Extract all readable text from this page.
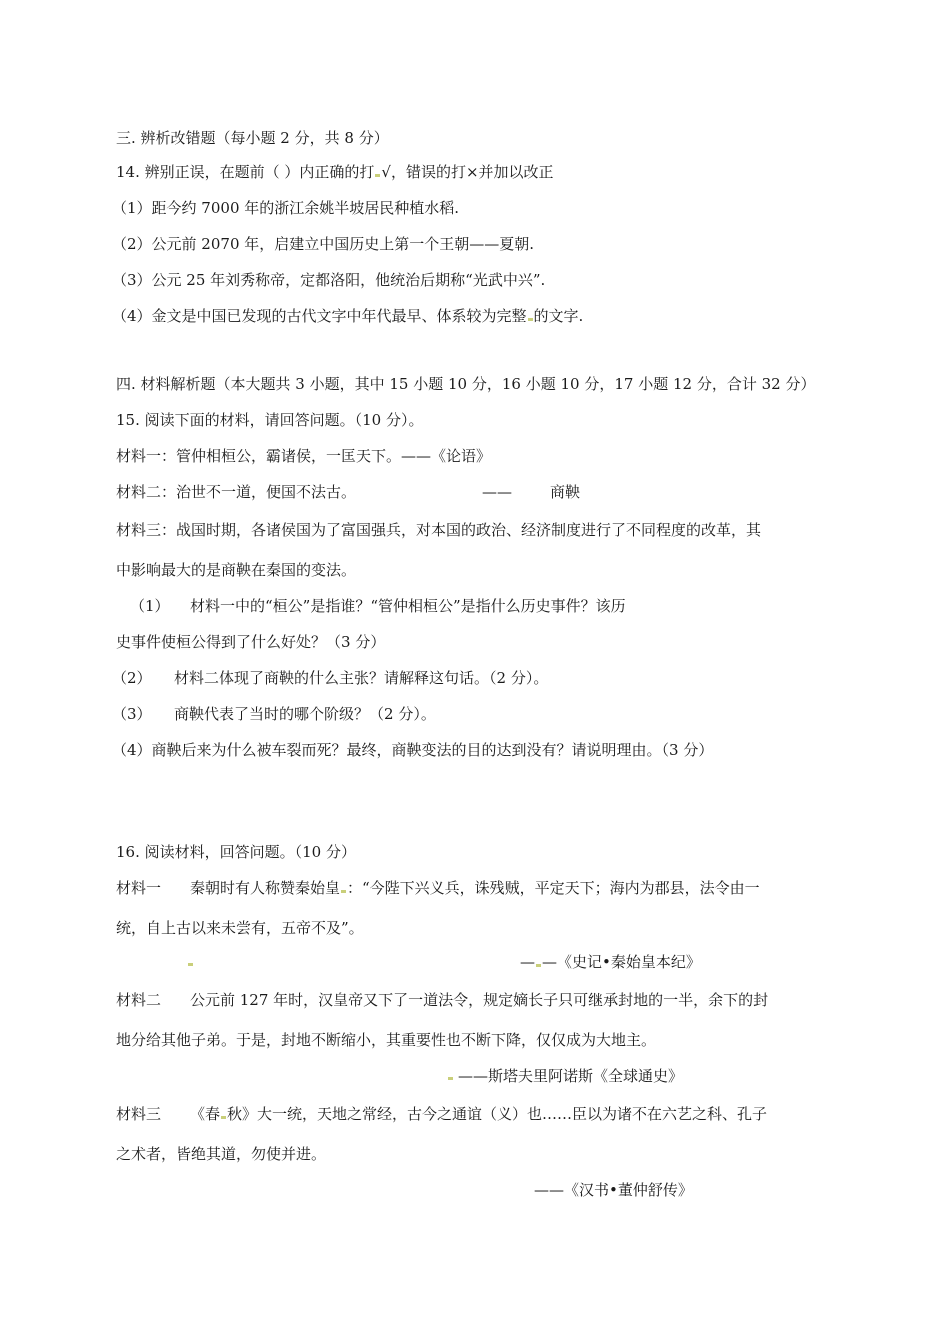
三. 辨析改错题（每小题 2 分，共 8 分）
14. 辨别正误，在题前（ ）内正确的打 √，错误的打×并加以改正
（1）距今约 7000 年的浙江余姚半坡居民种植水稻.
（2）公元前 2070 年，启建立中国历史上第一个王朝——夏朝.
（3）公元 25 年刘秀称帝，定都洛阳，他统治后期称“光武中兴”.
（4）金文是中国已发现的古代文字中年代最早、体系较为完整 的文字.
四. 材料解析题（本大题共 3 小题，其中 15 小题 10 分，16 小题 10 分，17 小题 12 分，合计 32 分）
15. 阅读下面的材料，请回答问题。（10 分）。
材料一：管仲相桓公，霸诸侯，一匡天下。——《论语》
材料二：治世不一道，便国不法古。	——	商鞅
材料三：战国时期，各诸侯国为了富国强兵，对本国的政治、经济制度进行了不同程度的改革，其
中影响最大的是商鞅在秦国的变法。
（1） 材料一中的“桓公”是指谁？“管仲相桓公”是指什么历史事件？该历
史事件使桓公得到了什么好处？（3 分）
（2） 材料二体现了商鞅的什么主张？请解释这句话。（2 分）。
（3） 商鞅代表了当时的哪个阶级？（2 分）。
（4）商鞅后来为什么被车裂而死？最终，商鞅变法的目的达到没有？请说明理由。（3 分）
16. 阅读材料，回答问题。（10 分）
材料一 秦朝时有人称赞秦始皇 ：“今陛下兴义兵，诛残贼，平定天下；海内为郡县，法令由一
统，自上古以来未尝有，五帝不及”。
— —《史记•秦始皇本纪》
材料二 公元前 127 年时，汉皇帝又下了一道法令，规定嫡长子只可继承封地的一半，余下的封
地分给其他子弟。于是，封地不断缩小，其重要性也不断下降，仅仅成为大地主。
——斯塔夫里阿诺斯《全球通史》
材料三 《春 秋》大一统，天地之常经，古今之通谊（义）也……臣以为诸不在六艺之科、孔子
之术者，皆绝其道，勿使并进。
——《汉书•董仲舒传》
